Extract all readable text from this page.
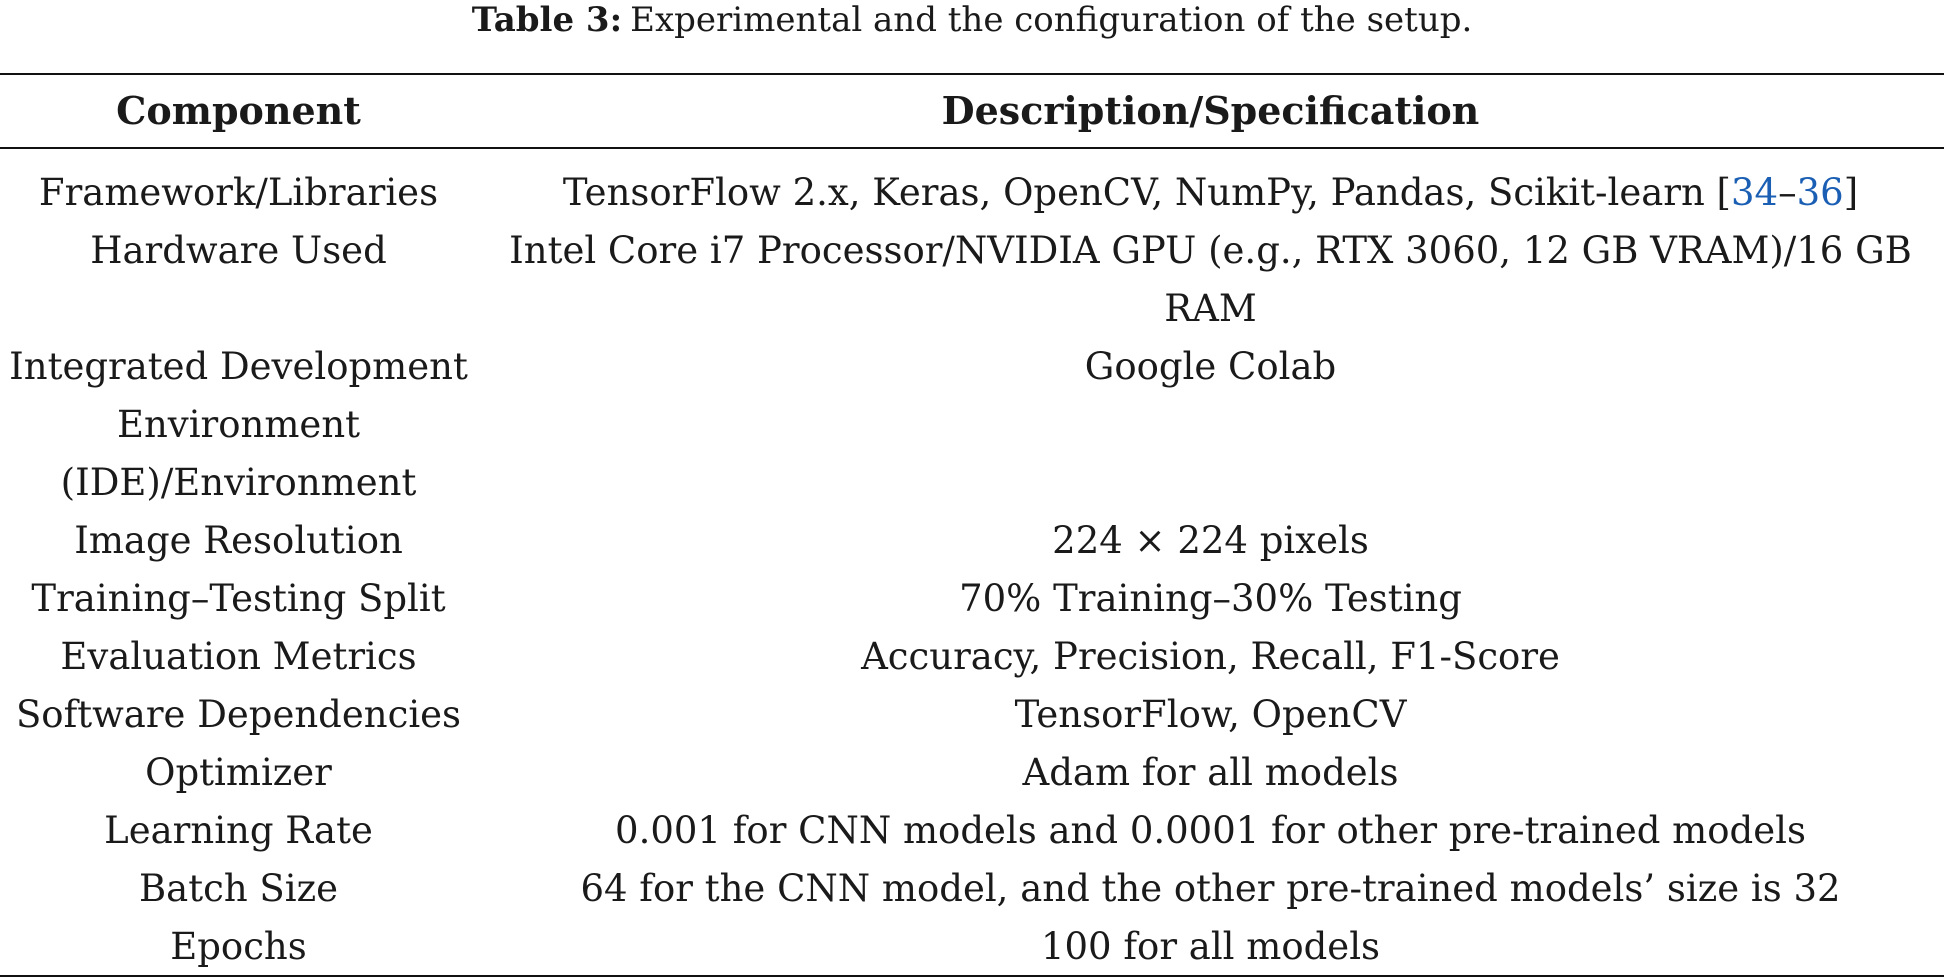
Table 3: Experimental and the configuration of the setup.
Component	Description/Specification
Framework/Libraries	TensorFlow 2.x, Keras, OpenCV, NumPy, Pandas, Scikit-learn [34–36]
Hardware Used	Intel Core i7 Processor/NVIDIA GPU (e.g., RTX 3060, 12 GB VRAM)/16 GB RAM
Integrated Development Environment (IDE)/Environment	Google Colab
Image Resolution	224 × 224 pixels
Training–Testing Split	70% Training–30% Testing
Evaluation Metrics	Accuracy, Precision, Recall, F1-Score
Software Dependencies	TensorFlow, OpenCV
Optimizer	Adam for all models
Learning Rate	0.001 for CNN models and 0.0001 for other pre-trained models
Batch Size	64 for the CNN model, and the other pre-trained models’ size is 32
Epochs	100 for all models
